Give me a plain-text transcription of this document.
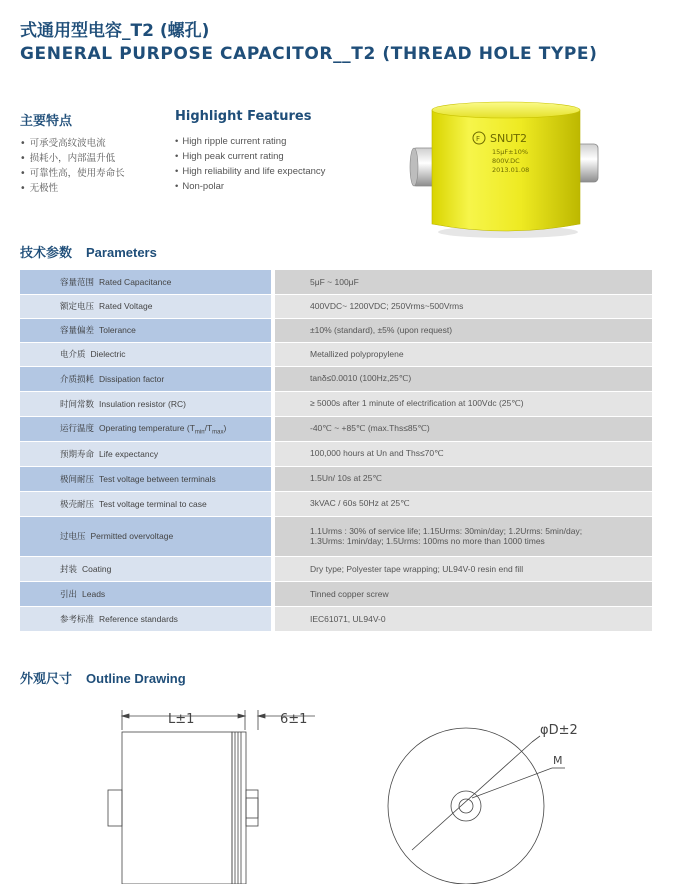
式通用型电容_T2 (螺孔)
GENERAL PURPOSE CAPACITOR__T2 (THREAD HOLE TYPE)
主要特点	Highlight Features
• 可承受高纹波电流
• 损耗小，内部温升低
• 可靠性高，使用寿命长
• 无极性
• High ripple current rating
• High peak current rating
• High reliability and life expectancy
• Non-polar
F SNUT2
15μF±10%
800V.DC
2013.01.08
技术参数 Parameters
容量范围 Rated Capacitance	5μF ~ 100μF
额定电压 Rated Voltage	400VDC~ 1200VDC; 250Vrms~500Vrms
容量偏差 Tolerance	±10% (standard), ±5% (upon request)
电介质 Dielectric	Metallized polypropylene
介质损耗 Dissipation factor	tanδ≤0.0010 (100Hz,25℃)
时间常数 Insulation resistor (RC)	≥ 5000s after 1 minute of electrification at 100Vdc (25℃)
运行温度 Operating temperature $(T_{min}/T_{max})$	-40℃ ~ +85℃ (max.Ths≤85℃)
预期寿命 Life expectancy	100,000 hours at Un and Ths≤70℃
极间耐压 Test voltage between terminals	1.5Un/ 10s at 25℃
极壳耐压 Test voltage terminal to case	3kVAC / 60s 50Hz at 25℃
过电压 Permitted overvoltage	1.1Urms : 30% of service life; 1.15Urms: 30min/day; 1.2Urms: 5min/day;
1.3Urms: 1min/day; 1.5Urms: 100ms no more than 1000 times

封装 Coating	Dry type; Polyester tape wrapping; UL94V-0 resin end fill
引出 Leads	Tinned copper screw
参考标准 Reference standards	IEC61071, UL94V-0
外观尺寸 Outline Drawing
L±1	6±1
φD±2
M
